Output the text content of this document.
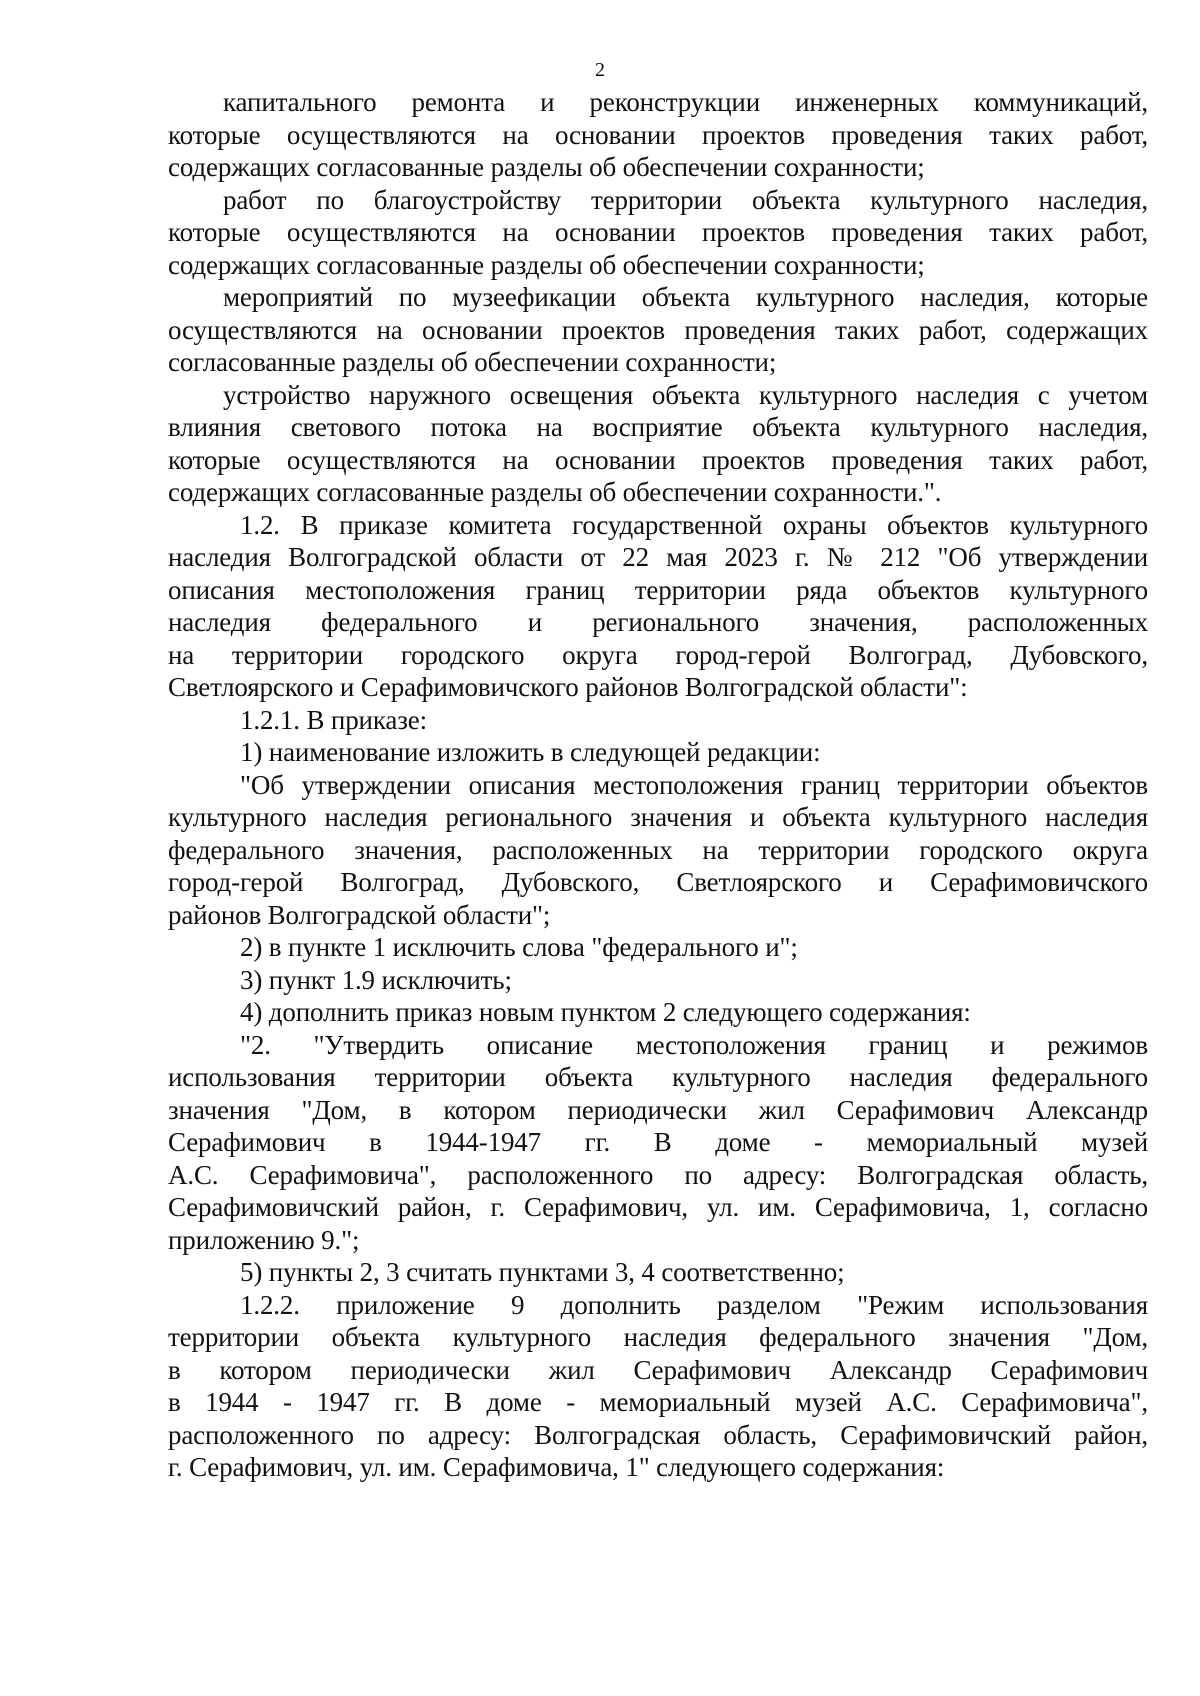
2
капитального ремонта и реконструкции инженерных коммуникаций,
которые осуществляются на основании проектов проведения таких работ,
содержащих согласованные разделы об обеспечении сохранности;
работ по благоустройству территории объекта культурного наследия,
которые осуществляются на основании проектов проведения таких работ,
содержащих согласованные разделы об обеспечении сохранности;
мероприятий по музеефикации объекта культурного наследия, которые
осуществляются на основании проектов проведения таких работ, содержащих
согласованные разделы об обеспечении сохранности;
устройство наружного освещения объекта культурного наследия с учетом
влияния светового потока на восприятие объекта культурного наследия,
которые осуществляются на основании проектов проведения таких работ,
содержащих согласованные разделы об обеспечении сохранности.".
1.2. В приказе комитета государственной охраны объектов культурного
наследия Волгоградской области от 22 мая 2023 г. № 212 "Об утверждении
описания местоположения границ территории ряда объектов культурного
наследия федерального и регионального значения, расположенных
на территории городского округа город-герой Волгоград, Дубовского,
Светлоярского и Серафимовичского районов Волгоградской области":
1.2.1. В приказе:
1) наименование изложить в следующей редакции:
"Об утверждении описания местоположения границ территории объектов
культурного наследия регионального значения и объекта культурного наследия
федерального значения, расположенных на территории городского округа
город-герой Волгоград, Дубовского, Светлоярского и Серафимовичского
районов Волгоградской области";
2) в пункте 1 исключить слова "федерального и";
3) пункт 1.9 исключить;
4) дополнить приказ новым пунктом 2 следующего содержания:
"2. "Утвердить описание местоположения границ и режимов
использования территории объекта культурного наследия федерального
значения "Дом, в котором периодически жил Серафимович Александр
Серафимович в 1944-1947 гг. В доме - мемориальный музей
А.С. Серафимовича", расположенного по адресу: Волгоградская область,
Серафимовичский район, г. Серафимович, ул. им. Серафимовича, 1, согласно
приложению 9.";
5) пункты 2, 3 считать пунктами 3, 4 соответственно;
1.2.2. приложение 9 дополнить разделом "Режим использования
территории объекта культурного наследия федерального значения "Дом,
в котором периодически жил Серафимович Александр Серафимович
в 1944 - 1947 гг. В доме - мемориальный музей А.С. Серафимовича",
расположенного по адресу: Волгоградская область, Серафимовичский район,
г. Серафимович, ул. им. Серафимовича, 1" следующего содержания:
